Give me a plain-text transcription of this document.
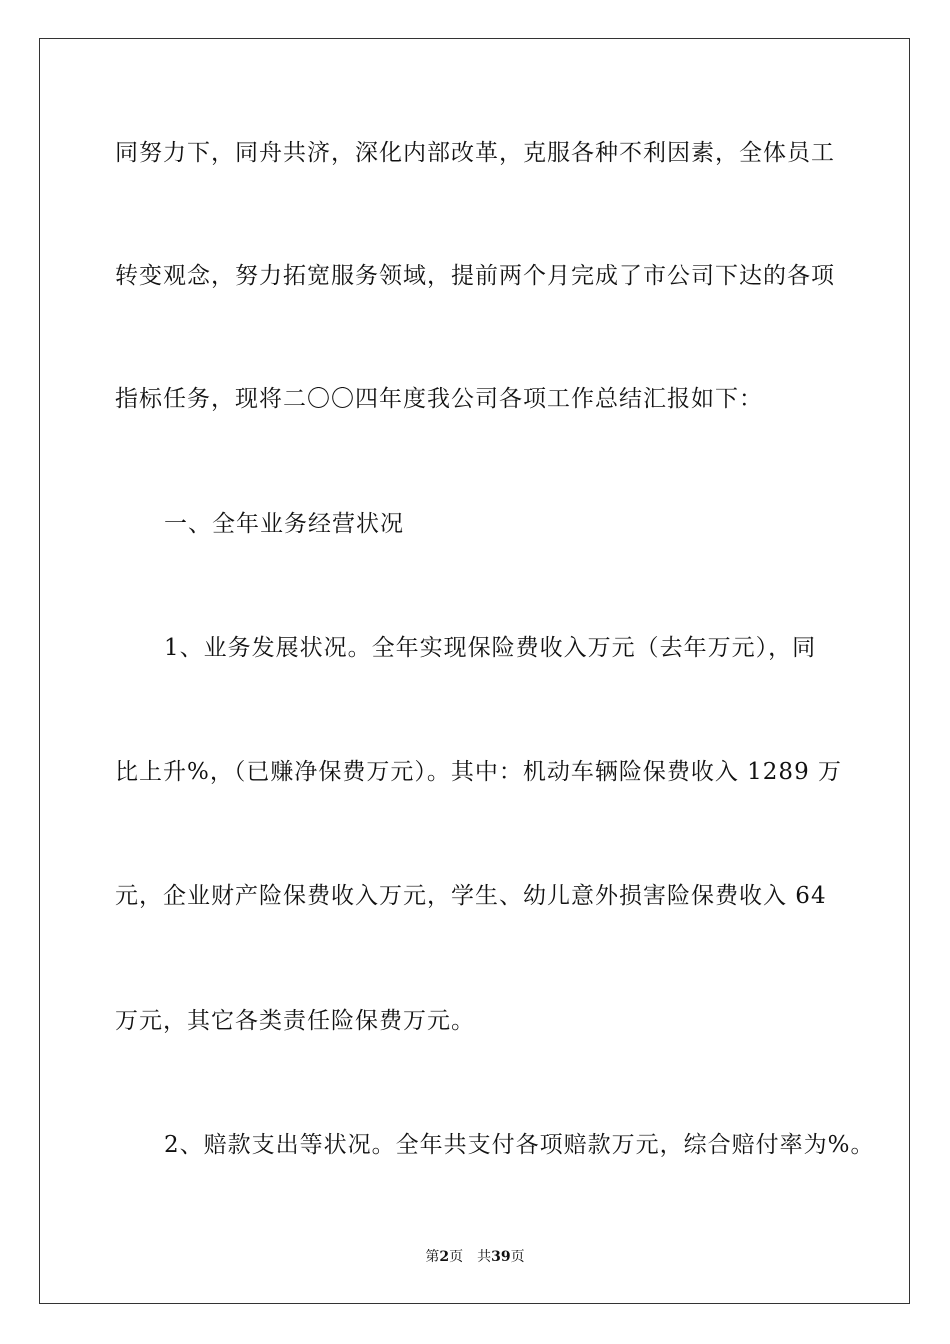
同努力下，同舟共济，深化内部改革，克服各种不利因素，全体员工
转变观念，努力拓宽服务领域，提前两个月完成了市公司下达的各项
指标任务，现将二〇〇四年度我公司各项工作总结汇报如下：
一、全年业务经营状况
1、业务发展状况。全年实现保险费收入万元（去年万元），同
比上升%，（已赚净保费万元）。其中：机动车辆险保费收入 1289 万
元，企业财产险保费收入万元，学生、幼儿意外损害险保费收入 64
万元，其它各类责任险保费万元。
2、赔款支出等状况。全年共支付各项赔款万元，综合赔付率为%。
第2页 共39页
